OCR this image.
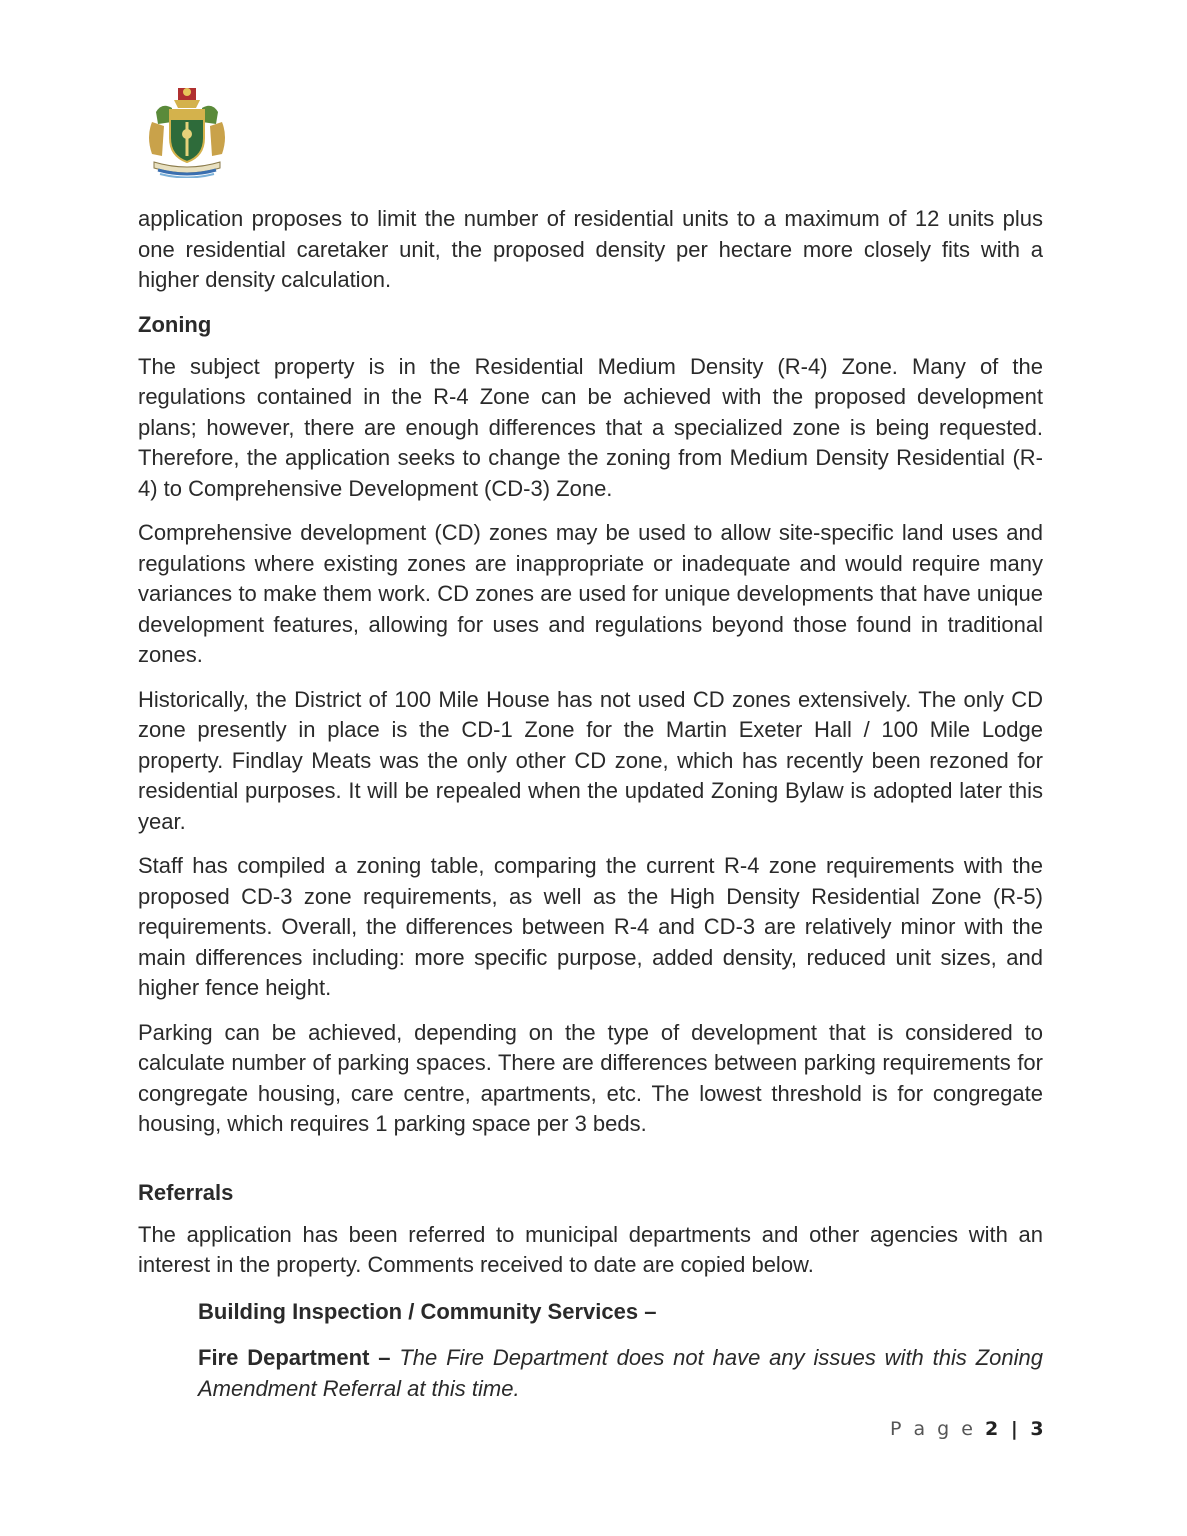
application proposes to limit the number of residential units to a maximum of 12 units plus one residential caretaker unit, the proposed density per hectare more closely fits with a higher density calculation.

Zoning

The subject property is in the Residential Medium Density (R-4) Zone. Many of the regulations contained in the R-4 Zone can be achieved with the proposed development plans; however, there are enough differences that a specialized zone is being requested. Therefore, the application seeks to change the zoning from Medium Density Residential (R-4) to Comprehensive Development (CD-3) Zone.

Comprehensive development (CD) zones may be used to allow site-specific land uses and regulations where existing zones are inappropriate or inadequate and would require many variances to make them work. CD zones are used for unique developments that have unique development features, allowing for uses and regulations beyond those found in traditional zones.

Historically, the District of 100 Mile House has not used CD zones extensively. The only CD zone presently in place is the CD-1 Zone for the Martin Exeter Hall / 100 Mile Lodge property. Findlay Meats was the only other CD zone, which has recently been rezoned for residential purposes. It will be repealed when the updated Zoning Bylaw is adopted later this year.

Staff has compiled a zoning table, comparing the current R-4 zone requirements with the proposed CD-3 zone requirements, as well as the High Density Residential Zone (R-5) requirements. Overall, the differences between R-4 and CD-3 are relatively minor with the main differences including: more specific purpose, added density, reduced unit sizes, and higher fence height.

Parking can be achieved, depending on the type of development that is considered to calculate number of parking spaces. There are differences between parking requirements for congregate housing, care centre, apartments, etc. The lowest threshold is for congregate housing, which requires 1 parking space per 3 beds.

Referrals

The application has been referred to municipal departments and other agencies with an interest in the property. Comments received to date are copied below.

Building Inspection / Community Services –

Fire Department – The Fire Department does not have any issues with this Zoning Amendment Referral at this time.

P a g e 2 | 3
